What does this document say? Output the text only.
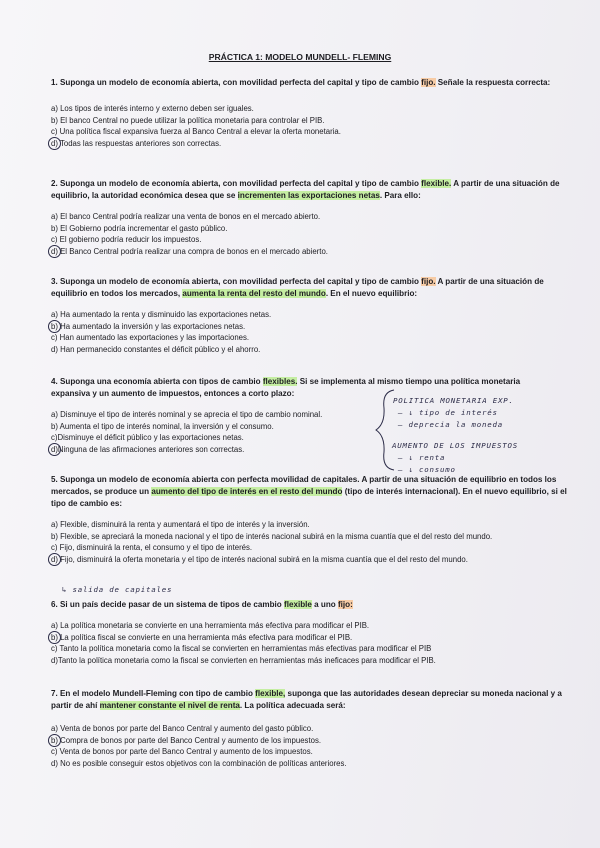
PRÁCTICA 1: MODELO MUNDELL- FLEMING

1. Suponga un modelo de economía abierta, con movilidad perfecta del capital y tipo de cambio fijo. Señale la respuesta correcta:

a) Los tipos de interés interno y externo deben ser iguales.
b) El banco Central no puede utilizar la política monetaria para controlar el PIB.
c) Una política fiscal expansiva fuerza al Banco Central a elevar la oferta monetaria.
d) Todas las respuestas anteriores son correctas.

2. Suponga un modelo de economía abierta, con movilidad perfecta del capital y tipo de cambio flexible. A partir de una situación de equilibrio, la autoridad económica desea que se incrementen las exportaciones netas. Para ello:

a) El banco Central podría realizar una venta de bonos en el mercado abierto.
b) El Gobierno podría incrementar el gasto público.
c) El gobierno podría reducir los impuestos.
d) El Banco Central podría realizar una compra de bonos en el mercado abierto.

3. Suponga un modelo de economía abierta, con movilidad perfecta del capital y tipo de cambio fijo. A partir de una situación de equilibrio en todos los mercados, aumenta la renta del resto del mundo. En el nuevo equilibrio:

a) Ha aumentado la renta y disminuido las exportaciones netas.
b) Ha aumentado la inversión y las exportaciones netas.
c) Han aumentado las exportaciones y las importaciones.
d) Han permanecido constantes el déficit público y el ahorro.

4. Suponga una economía abierta con tipos de cambio flexibles. Si se implementa al mismo tiempo una política monetaria expansiva y un aumento de impuestos, entonces a corto plazo:

a) Disminuye el tipo de interés nominal y se aprecia el tipo de cambio nominal.
b) Aumenta el tipo de interés nominal, la inversión y el consumo.
c)Disminuye el déficit público y las exportaciones netas.
d)Ninguna de las afirmaciones anteriores son correctas.
POLITICA MONETARIA EXP.
– ↓ tipo de interés
– deprecia la moneda
AUMENTO DE LOS IMPUESTOS
– ↓ renta
– ↓ consumo

5. Suponga un modelo de economía abierta con perfecta movilidad de capitales. A partir de una situación de equilibrio en todos los mercados, se produce un aumento del tipo de interés en el resto del mundo (tipo de interés internacional). En el nuevo equilibrio, si el tipo de cambio es:

a) Flexible, disminuirá la renta y aumentará el tipo de interés y la inversión.
b) Flexible, se apreciará la moneda nacional y el tipo de interés nacional subirá en la misma cuantía que el del resto del mundo.
c) Fijo, disminuirá la renta, el consumo y el tipo de interés.
d) Fijo, disminuirá la oferta monetaria y el tipo de interés nacional subirá en la misma cuantía que el del resto del mundo.
↳ salida de capitales

6. Si un país decide pasar de un sistema de tipos de cambio flexible a uno fijo:

a) La política monetaria se convierte en una herramienta más efectiva para modificar el PIB.
b) La política fiscal se convierte en una herramienta más efectiva para modificar el PIB.
c) Tanto la política monetaria como la fiscal se convierten en herramientas más efectivas para modificar el PIB
d)Tanto la política monetaria como la fiscal se convierten en herramientas más ineficaces para modificar el PIB.

7. En el modelo Mundell-Fleming con tipo de cambio flexible, suponga que las autoridades desean depreciar su moneda nacional y a partir de ahí mantener constante el nivel de renta. La política adecuada será:

a) Venta de bonos por parte del Banco Central y aumento del gasto público.
b) Compra de bonos por parte del Banco Central y aumento de los impuestos.
c) Venta de bonos por parte del Banco Central y aumento de los impuestos.
d) No es posible conseguir estos objetivos con la combinación de políticas anteriores.
